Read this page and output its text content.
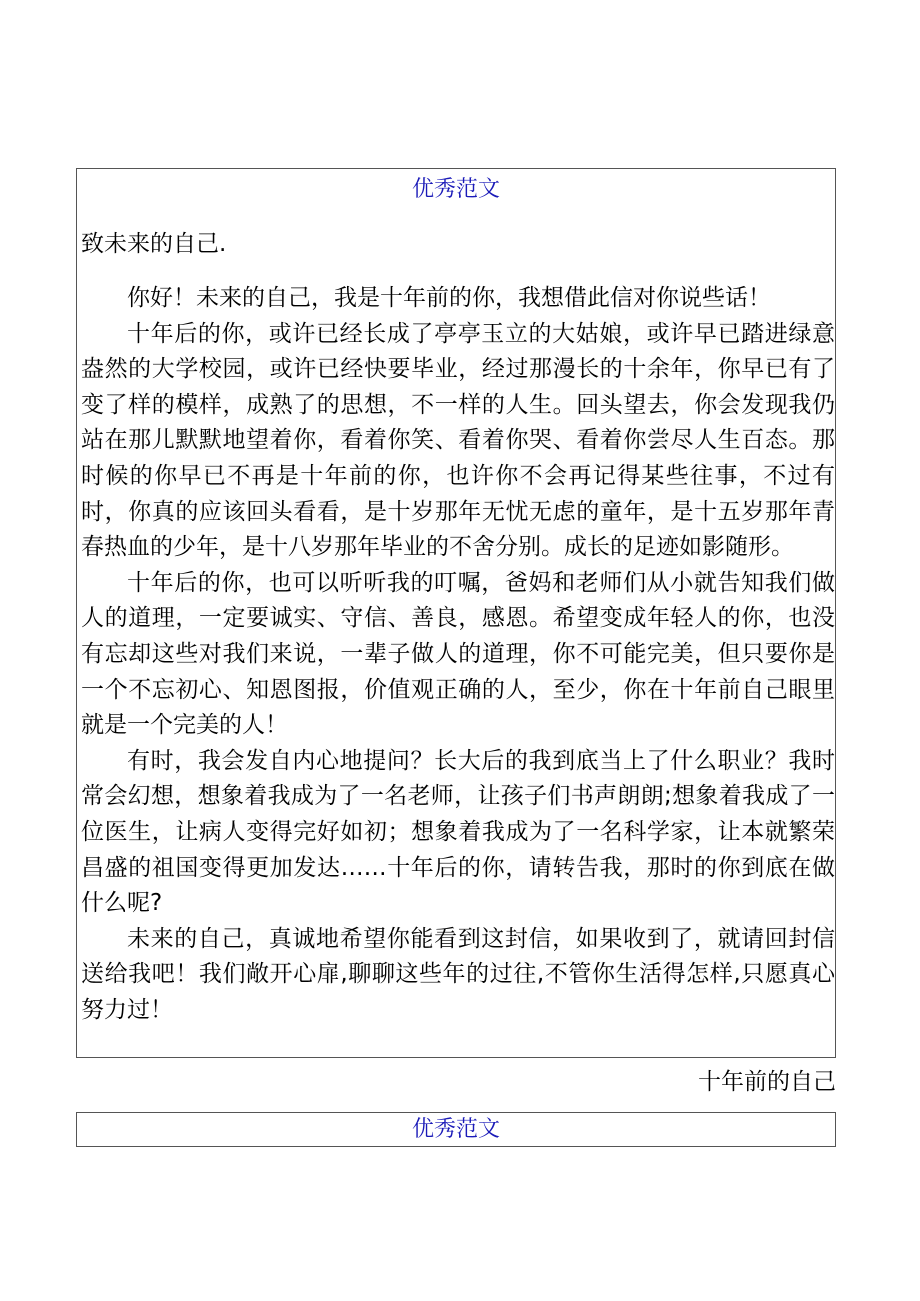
优秀范文

致未来的自己.

你好！未来的自己，我是十年前的你，我想借此信对你说些话！

十年后的你，或许已经长成了亭亭玉立的大姑娘，或许早已踏进绿意盎然的大学校园，或许已经快要毕业，经过那漫长的十余年，你早已有了变了样的模样，成熟了的思想，不一样的人生。回头望去，你会发现我仍站在那儿默默地望着你，看着你笑、看着你哭、看着你尝尽人生百态。那时候的你早已不再是十年前的你，也许你不会再记得某些往事，不过有时，你真的应该回头看看，是十岁那年无忧无虑的童年，是十五岁那年青春热血的少年，是十八岁那年毕业的不舍分别。成长的足迹如影随形。

十年后的你，也可以听听我的叮嘱，爸妈和老师们从小就告知我们做人的道理，一定要诚实、守信、善良，感恩。希望变成年轻人的你，也没有忘却这些对我们来说，一辈子做人的道理，你不可能完美，但只要你是一个不忘初心、知恩图报，价值观正确的人，至少，你在十年前自己眼里就是一个完美的人！

有时，我会发自内心地提问？长大后的我到底当上了什么职业？我时常会幻想，想象着我成为了一名老师，让孩子们书声朗朗;想象着我成了一位医生，让病人变得完好如初；想象着我成为了一名科学家，让本就繁荣昌盛的祖国变得更加发达……十年后的你，请转告我，那时的你到底在做什么呢?

未来的自己，真诚地希望你能看到这封信，如果收到了，就请回封信送给我吧！我们敞开心扉,聊聊这些年的过往,不管你生活得怎样,只愿真心努力过！

十年前的自己

优秀范文
